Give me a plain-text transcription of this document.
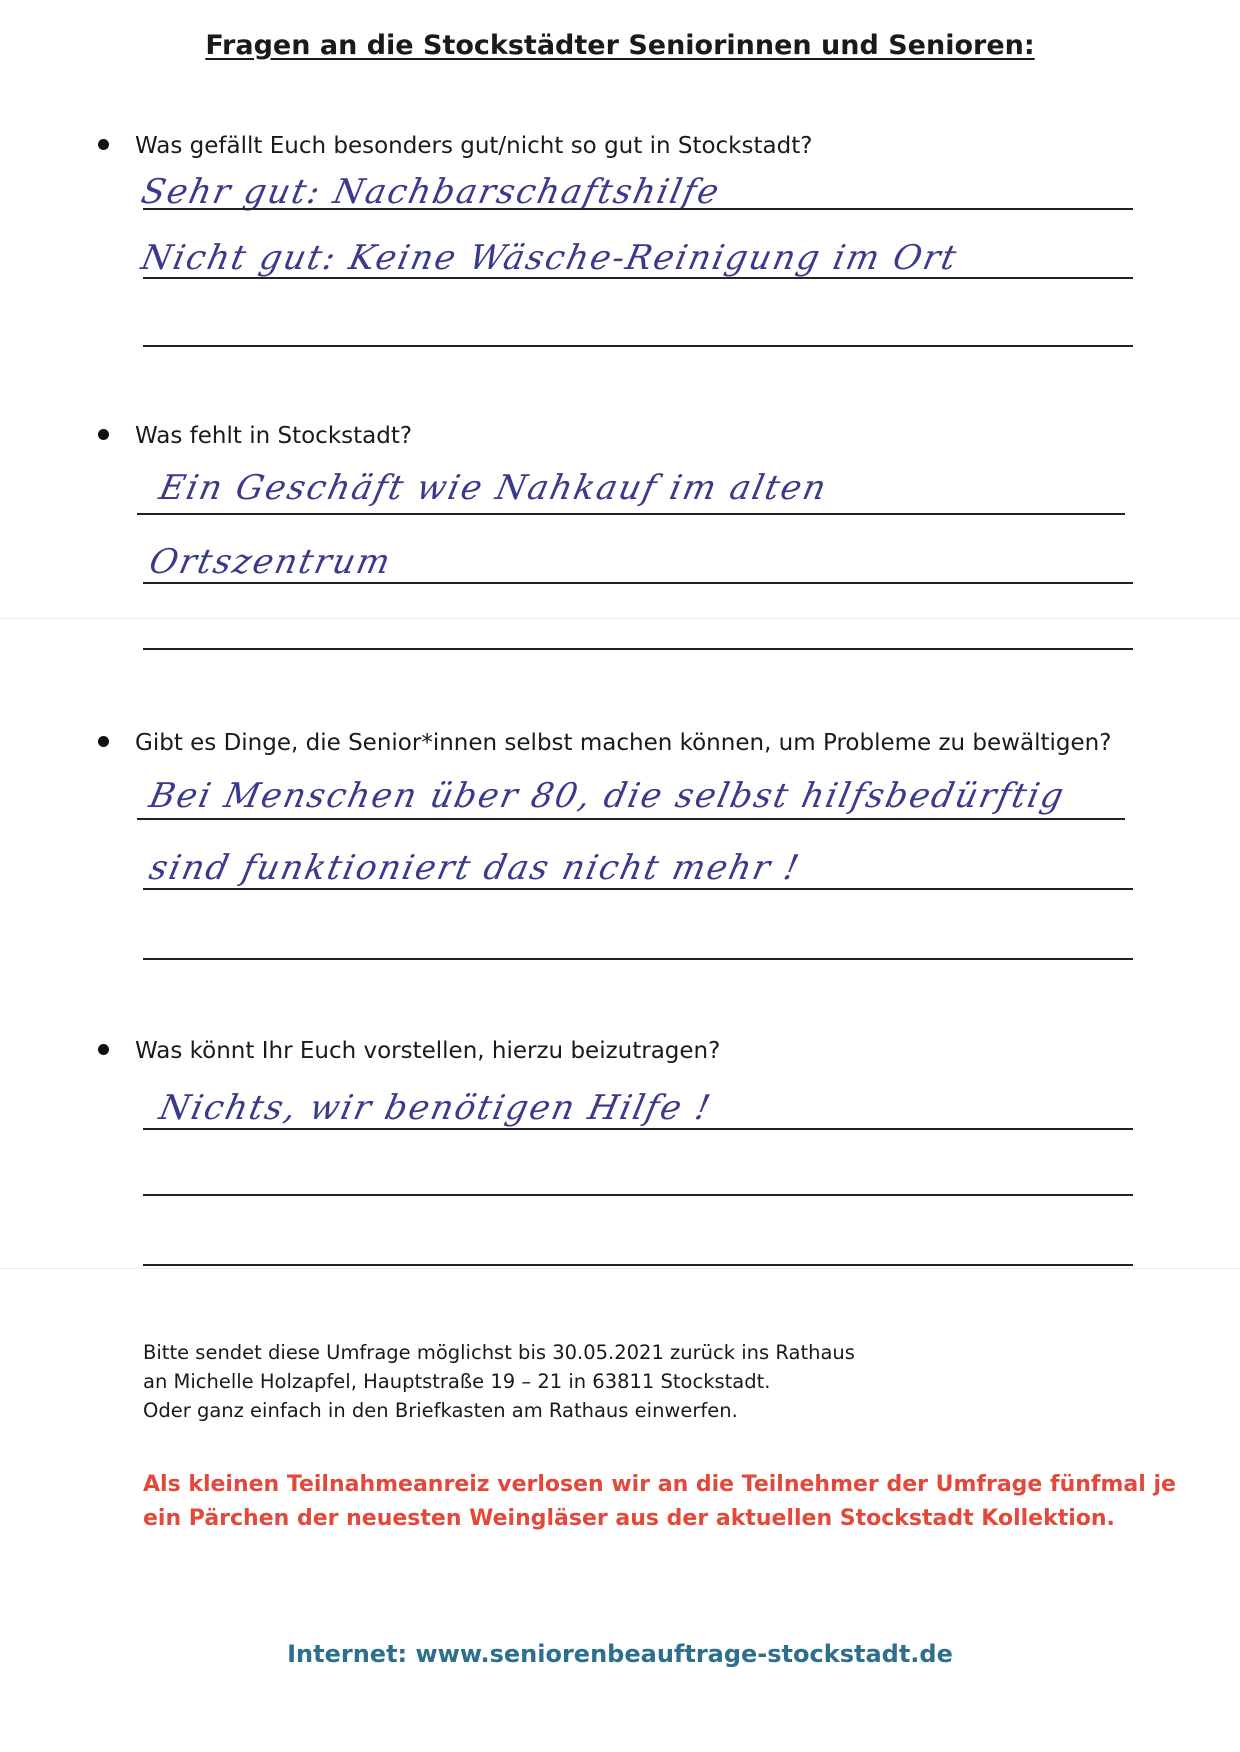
Fragen an die Stockstädter Seniorinnen und Senioren:
Was gefällt Euch besonders gut/nicht so gut in Stockstadt?
Sehr gut: Nachbarschaftshilfe
Nicht gut: Keine Wäsche-Reinigung im Ort
Was fehlt in Stockstadt?
Ein Geschäft wie Nahkauf im alten
Ortszentrum
Gibt es Dinge, die Senior*innen selbst machen können, um Probleme zu bewältigen?
Bei Menschen über 80, die selbst hilfsbedürftig
sind funktioniert das nicht mehr !
Was könnt Ihr Euch vorstellen, hierzu beizutragen?
Nichts, wir benötigen Hilfe !
Bitte sendet diese Umfrage möglichst bis 30.05.2021 zurück ins Rathaus
an Michelle Holzapfel, Hauptstraße 19 – 21 in 63811 Stockstadt.
Oder ganz einfach in den Briefkasten am Rathaus einwerfen.
Als kleinen Teilnahmeanreiz verlosen wir an die Teilnehmer der Umfrage fünfmal je
ein Pärchen der neuesten Weingläser aus der aktuellen Stockstadt Kollektion.
Internet: www.seniorenbeauftrage-stockstadt.de
